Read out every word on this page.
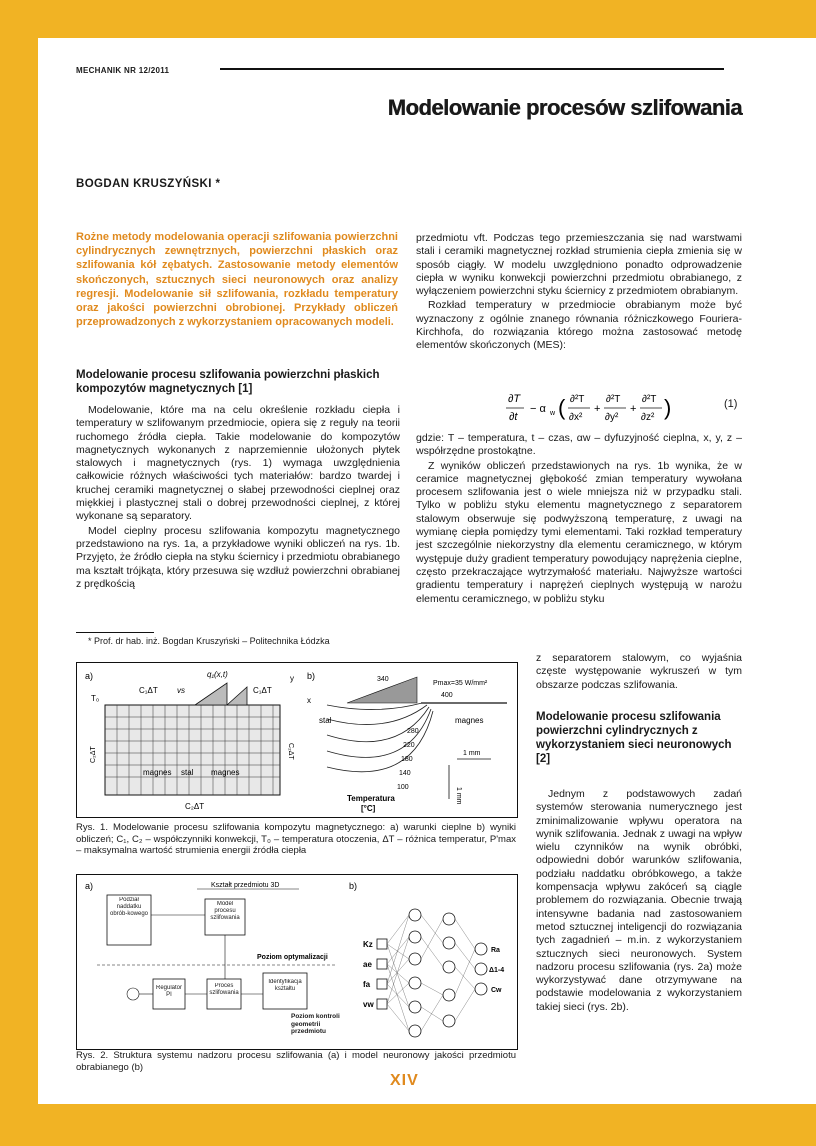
MECHANIK NR 12/2011
Modelowanie procesów szlifowania
BOGDAN KRUSZYŃSKI *
Rożne metody modelowania operacji szlifowania powierzchni cylindrycznych zewnętrznych, powierzchni płaskich oraz szlifowania kół zębatych. Zastosowanie metody elementów skończonych, sztucznych sieci neuronowych oraz analizy regresji. Modelowanie sił szlifowania, rozkładu temperatury oraz jakości powierzchni obrobionej. Przykłady obliczeń przeprowadzonych z wykorzystaniem opracowanych modeli.
Modelowanie procesu szlifowania powierzchni płaskich kompozytów magnetycznych [1]

Modelowanie, które ma na celu określenie rozkładu ciepła i temperatury w szlifowanym przedmiocie, opiera się z reguły na teorii ruchomego źródła ciepła. Takie modelowanie do kompozytów magnetycznych wykonanych z naprzemiennie ułożonych płytek stalowych i magnetycznych (rys. 1) wymaga uwzględnienia całkowicie różnych właściwości tych materiałów: bardzo twardej i kruchej ceramiki magnetycznej o słabej przewodności cieplnej oraz miękkiej i plastycznej stali o dobrej przewodności cieplnej, z której wykonane są separatory.

Model cieplny procesu szlifowania kompozytu magnetycznego przedstawiono na rys. 1a, a przykładowe wyniki obliczeń na rys. 1b. Przyjęto, że źródło ciepła na styku ściernicy i przedmiotu obrabianego ma kształt trójkąta, który przesuwa się wzdłuż powierzchni obrabianej z prędkością

* Prof. dr hab. inż. Bogdan Kruszyński – Politechnika Łódzka

przedmiotu vft. Podczas tego przemieszczania się nad warstwami stali i ceramiki magnetycznej rozkład strumienia ciepła zmienia się w sposób ciągły. W modelu uwzględniono ponadto odprowadzenie ciepła w wyniku konwekcji powierzchni przedmiotu obrabianego, z wyłączeniem powierzchni styku ściernicy z przedmiotem obrabianym.

Rozkład temperatury w przedmiocie obrabianym może być wyznaczony z ogólnie znanego równania różniczkowego Fouriera-Kirchhofa, do rozwiązania którego można zastosować metodę elementów skończonych (MES):

∂T
∂t
− α w ( ∂²T
∂x²
+
∂²T
∂y²
+
∂²T
∂z² )	(1)

gdzie: T – temperatura, t – czas, αw – dyfuzyjność cieplna, x, y, z – współrzędne prostokątne.

Z wyników obliczeń przedstawionych na rys. 1b wynika, że w ceramice magnetycznej głębokość zmian temperatury wywołana procesem szlifowania jest o wiele mniejsza niż w przypadku stali. Tylko w pobliżu styku elementu magnetycznego z separatorem stalowym obserwuje się podwyższoną temperaturę, z uwagi na wymianę ciepła pomiędzy tymi elementami. Taki rozkład temperatury jest szczególnie niekorzystny dla elementu ceramicznego, w którym występuje duży gradient temperatury powodujący naprężenia cieplne, często przekraczające wytrzymałość materiału. Najwyższe wartości gradientu temperatury i naprężeń cieplnych występują w narożu elementu ceramicznego, w pobliżu styku

z separatorem stalowym, co wyjaśnia częste występowanie wykruszeń w tym obszarze podczas szlifowania.
Modelowanie procesu szlifowania powierzchni cylindrycznych z wykorzystaniem sieci neuronowych [2]

Jednym z podstawowych zadań systemów sterowania numerycznego jest zminimalizowanie wpływu operatora na wynik szlifowania. Jednak z uwagi na wpływ wielu czynników na wynik obróbki, odpowiedni dobór warunków szlifowania, podziału naddatku obróbkowego, a także kompensacja wpływu zakóceń są ciągle problemem do rozwiązania. Obecnie trwają intensywne badania nad zastosowaniem metod sztucznej inteligencji do rozwiązania tych zagadnień – m.in. z wykorzystaniem sztucznych sieci neuronowych. System nadzoru procesu szlifowania (rys. 2a) może wykorzystywać dane otrzymywane na podstawie modelowania z wykorzystaniem takiej sieci (rys. 2b).

a)	b)
C₁ΔT vs
q₁(x,t)
C₁ΔT
y
x
T₀
C₂ΔT
C₂ΔT	C₂ΔT
magnes stal magnes
340
Pmax=35 W/mm²
400
stal	magnes
280
220
180
140
100
1 mm
1 mm
Temperatura
[°C]
Rys. 1. Modelowanie procesu szlifowania kompozytu magnetycznego: a) warunki cieplne b) wyniki obliczeń; C₁, C₂ – współczynniki konwekcji, T₀ – temperatura otoczenia, ΔT – różnica temperatur, P'max – maksymalna wartość strumienia energii źródła ciepła
a)	b)
Kształt przedmiotu 3D
Podział naddatku obrób-kowego
Model procesu szlifowania
Poziom optymalizacji
Regulator PI
Proces szlifowania
Identyfikacja kształtu
Poziom kontroli geometrii przedmiotu
Kz
ae
fa
vw
Ra
Δ1-4
Cw
Rys. 2. Struktura systemu nadzoru procesu szlifowania (a) i model neuronowy jakości przedmiotu obrabianego (b)
XIV
